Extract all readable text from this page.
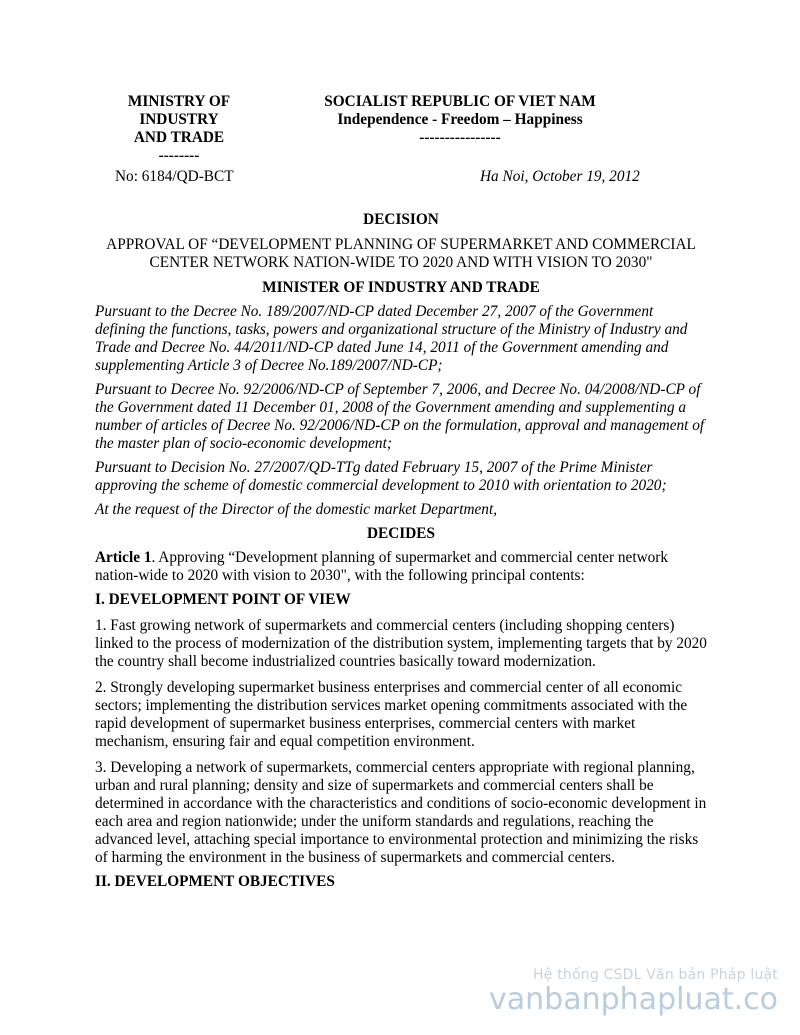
MINISTRY OF
INDUSTRY
AND TRADE
--------
SOCIALIST REPUBLIC OF VIET NAM
Independence - Freedom – Happiness
----------------
No: 6184/QD-BCT	Ha Noi, October 19, 2012

DECISION

APPROVAL OF “DEVELOPMENT PLANNING OF SUPERMARKET AND COMMERCIAL CENTER NETWORK NATION-WIDE TO 2020 AND WITH VISION TO 2030"

MINISTER OF INDUSTRY AND TRADE

Pursuant to the Decree No. 189/2007/ND-CP dated December 27, 2007 of the Government defining the functions, tasks, powers and organizational structure of the Ministry of Industry and Trade and Decree No. 44/2011/ND-CP dated June 14, 2011 of the Government amending and supplementing Article 3 of Decree No.189/2007/ND-CP;

Pursuant to Decree No. 92/2006/ND-CP of September 7, 2006, and Decree No. 04/2008/ND-CP of the Government dated 11 December 01, 2008 of the Government amending and supplementing a number of articles of Decree No. 92/2006/ND-CP on the formulation, approval and management of the master plan of socio-economic development;

Pursuant to Decision No. 27/2007/QD-TTg dated February 15, 2007 of the Prime Minister approving the scheme of domestic commercial development to 2010 with orientation to 2020;

At the request of the Director of the domestic market Department,

DECIDES

Article 1. Approving “Development planning of supermarket and commercial center network nation-wide to 2020 with vision to 2030", with the following principal contents:

I. DEVELOPMENT POINT OF VIEW

1. Fast growing network of supermarkets and commercial centers (including shopping centers) linked to the process of modernization of the distribution system, implementing targets that by 2020 the country shall become industrialized countries basically toward modernization.

2. Strongly developing supermarket business enterprises and commercial center of all economic sectors; implementing the distribution services market opening commitments associated with the rapid development of supermarket business enterprises, commercial centers with market mechanism, ensuring fair and equal competition environment.

3. Developing a network of supermarkets, commercial centers appropriate with regional planning, urban and rural planning; density and size of supermarkets and commercial centers shall be determined in accordance with the characteristics and conditions of socio-economic development in each area and region nationwide; under the uniform standards and regulations, reaching the advanced level, attaching special importance to environmental protection and minimizing the risks of harming the environment in the business of supermarkets and commercial centers.

II. DEVELOPMENT OBJECTIVES

Hệ thống CSDL Văn bản Pháp luật
vanbanphapluat.co
